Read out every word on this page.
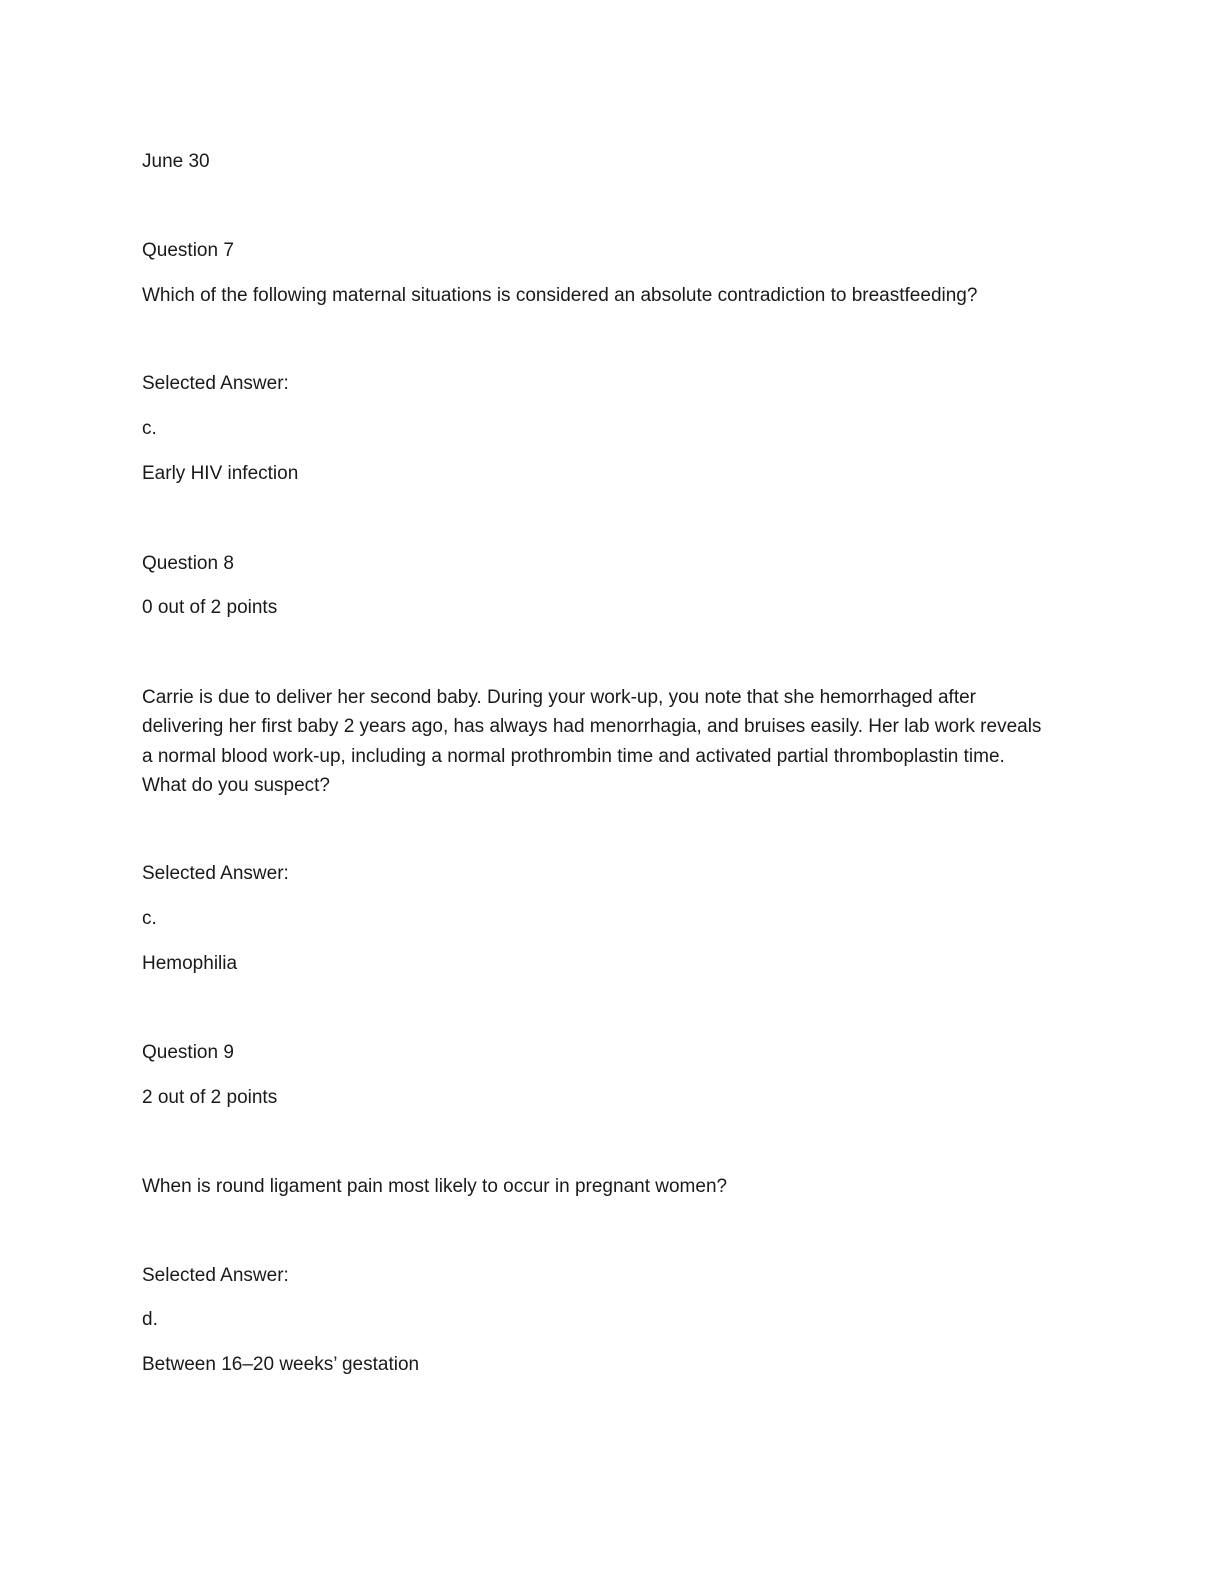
June 30
Question 7
Which of the following maternal situations is considered an absolute contradiction to breastfeeding?
Selected Answer:
c.
Early HIV infection
Question 8
0 out of 2 points
Carrie is due to deliver her second baby. During your work-up, you note that she hemorrhaged after delivering her first baby 2 years ago, has always had menorrhagia, and bruises easily. Her lab work reveals a normal blood work-up, including a normal prothrombin time and activated partial thromboplastin time. What do you suspect?
Selected Answer:
c.
Hemophilia
Question 9
2 out of 2 points
When is round ligament pain most likely to occur in pregnant women?
Selected Answer:
d.
Between 16–20 weeks’ gestation
